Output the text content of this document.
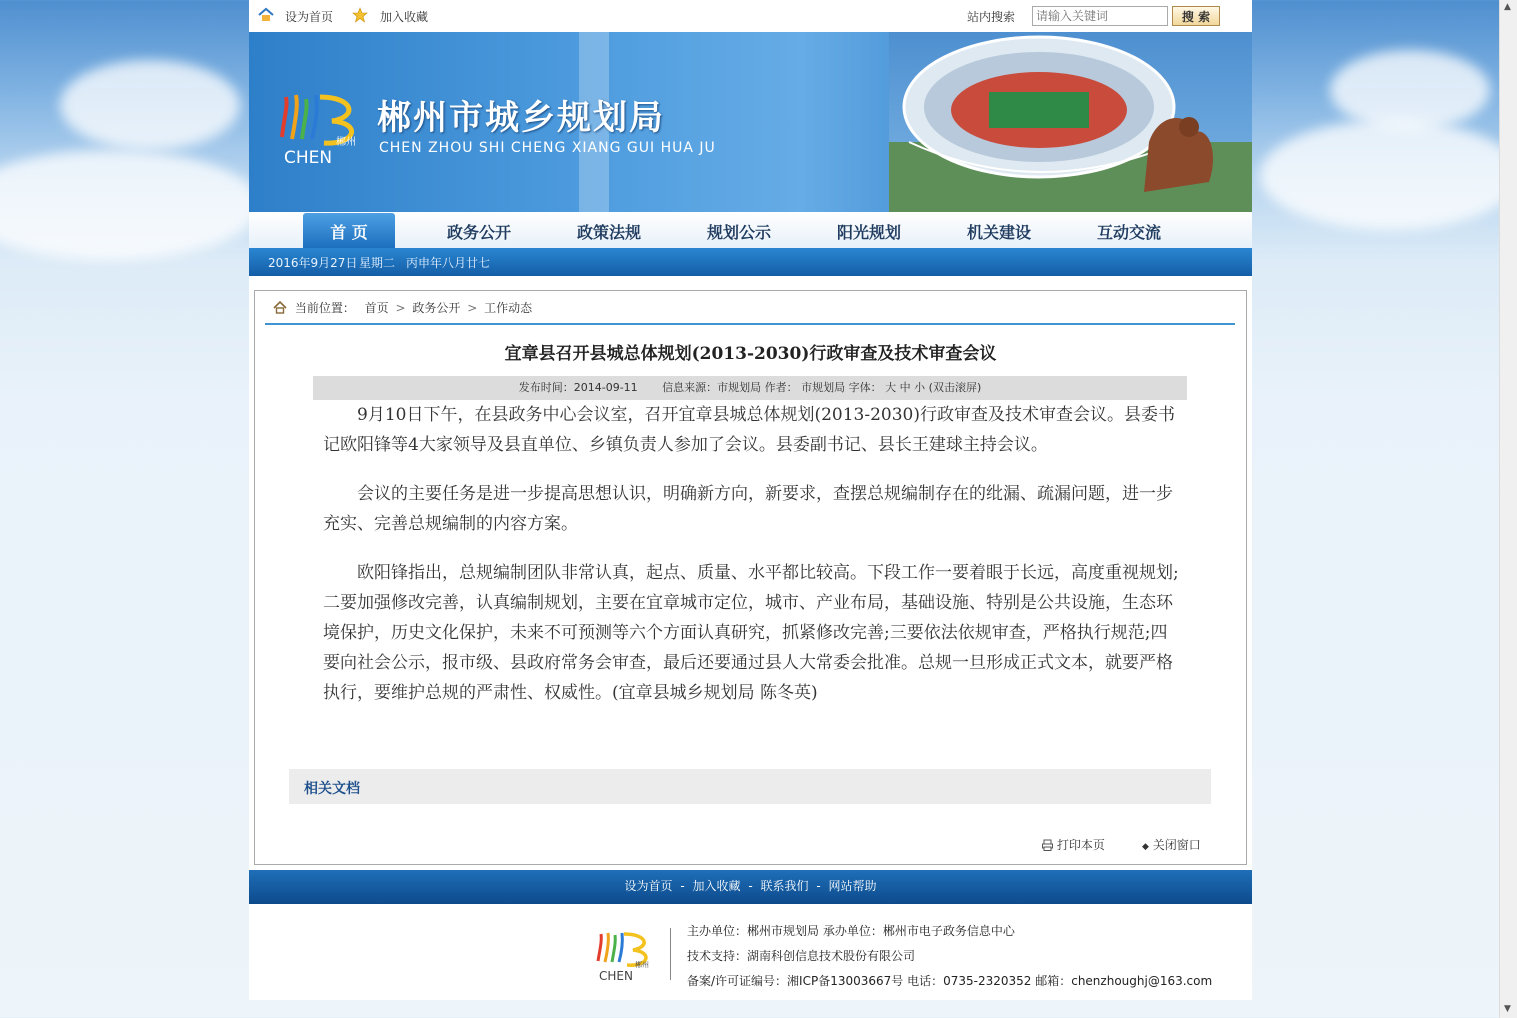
▲
▼
设为首页	加入收藏	站内搜索
请输入关键词	搜 索
郴州
CHEN
郴州市城乡规划局
CHEN ZHOU SHI CHENG XIANG GUI HUA JU
首 页	政务公开	政策法规	规划公示	阳光规划	机关建设	互动交流
2016年9月27日 星期二 丙申年八月廿七
当前位置： 首页 > 政务公开 > 工作动态
宜章县召开县城总体规划(2013-2030)行政审查及技术审查会议
发布时间：2014-09-11 信息来源：市规划局 作者： 市规划局 字体： 大 中 小 (双击滚屏)

9月10日下午，在县政务中心会议室，召开宜章县城总体规划(2013-2030)行政审查及技术审查会议。县委书记欧阳锋等4大家领导及县直单位、乡镇负责人参加了会议。县委副书记、县长王建球主持会议。

会议的主要任务是进一步提高思想认识，明确新方向，新要求，查摆总规编制存在的纰漏、疏漏问题，进一步充实、完善总规编制的内容方案。

欧阳锋指出，总规编制团队非常认真，起点、质量、水平都比较高。下段工作一要着眼于长远，高度重视规划;二要加强修改完善，认真编制规划，主要在宜章城市定位，城市、产业布局，基础设施、特别是公共设施，生态环境保护，历史文化保护，未来不可预测等六个方面认真研究，抓紧修改完善;三要依法依规审查，严格执行规范;四要向社会公示，报市级、县政府常务会审查，最后还要通过县人大常委会批准。总规一旦形成正式文本，就要严格执行，要维护总规的严肃性、权威性。(宜章县城乡规划局 陈冬英)

相关文档
打印本页	◆ 关闭窗口
设为首页 - 加入收藏 - 联系我们 - 网站帮助
郴州
CHEN
主办单位：郴州市规划局 承办单位：郴州市电子政务信息中心
技术支持：湖南科创信息技术股份有限公司
备案/许可证编号：湘ICP备13003667号 电话：0735-2320352 邮箱：chenzhoughj@163.com
